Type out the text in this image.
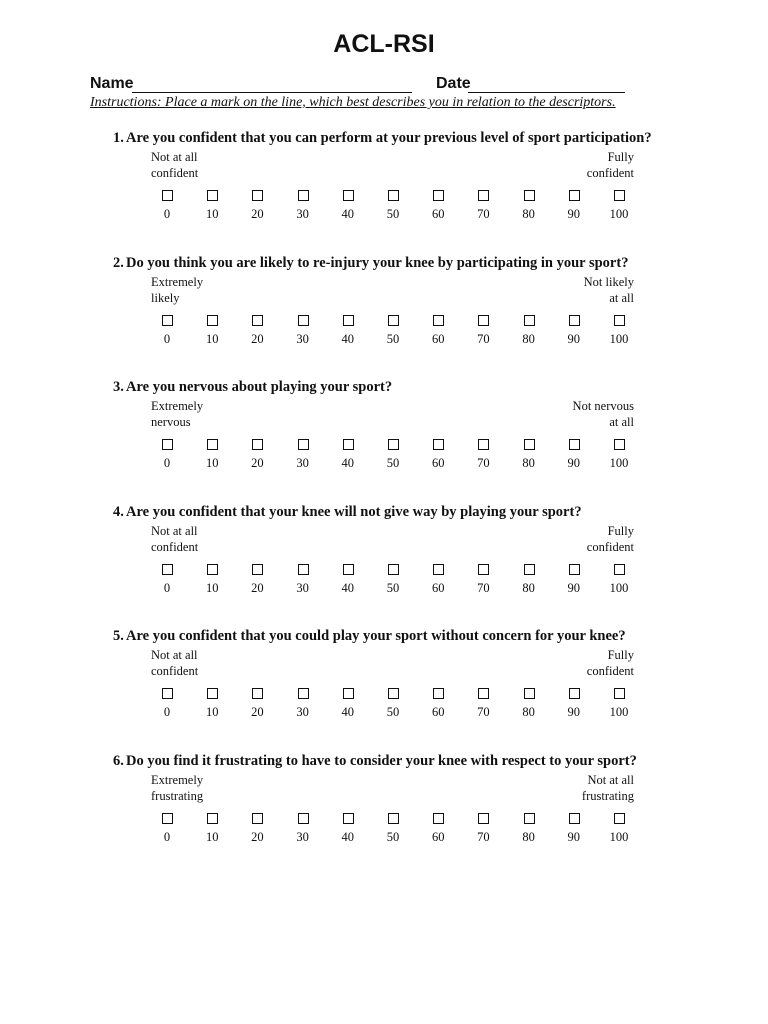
ACL-RSI
Name	Date
Instructions: Place a mark on the line, which best describes you in relation to the descriptors.
1. Are you confident that you can perform at your previous level of sport participation?
Not at all
confident
Fully
confident
0	10	20	30	40	50	60	70	80	90	100
2. Do you think you are likely to re-injury your knee by participating in your sport?
Extremely
likely
Not likely
at all
0	10	20	30	40	50	60	70	80	90	100
3. Are you nervous about playing your sport?
Extremely
nervous
Not nervous
at all
0	10	20	30	40	50	60	70	80	90	100
4. Are you confident that your knee will not give way by playing your sport?
Not at all
confident
Fully
confident
0	10	20	30	40	50	60	70	80	90	100
5. Are you confident that you could play your sport without concern for your knee?
Not at all
confident
Fully
confident
0	10	20	30	40	50	60	70	80	90	100
6. Do you find it frustrating to have to consider your knee with respect to your sport?
Extremely
frustrating
Not at all
frustrating
0	10	20	30	40	50	60	70	80	90	100
